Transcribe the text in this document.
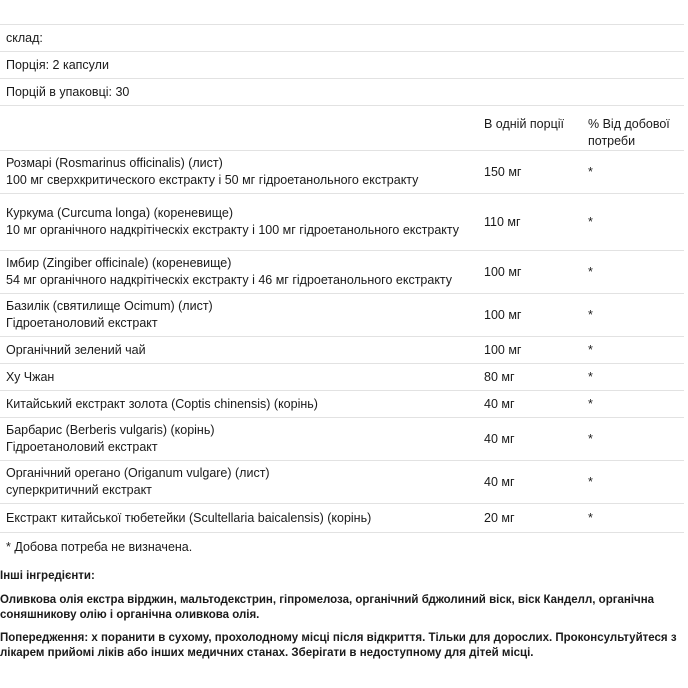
склад:
Порція: 2 капсули
Порцій в упаковці: 30
В одній порції	% Від добової потреби
Розмарі (Rosmarinus officinalis) (лист)
100 мг сверхкритического екстракту і 50 мг гідроетанольного екстракту
150 мг	*
Куркума (Curcuma longa) (кореневище)
10 мг органічного надкрітіческіх екстракту і 100 мг гідроетанольного екстракту
110 мг	*
Імбир (Zingiber officinale) (кореневище)
54 мг органічного надкрітіческіх екстракту і 46 мг гідроетанольного екстракту
100 мг	*
Базилік (святилище Ocimum) (лист)
Гідроетаноловий екстракт
100 мг	*
Органічний зелений чай	100 мг	*
Ху Чжан	80 мг	*
Китайський екстракт золота (Coptis chinensis) (корінь)	40 мг	*
Барбарис (Berberis vulgaris) (корінь)
Гідроетаноловий екстракт
40 мг	*
Органічний орегано (Origanum vulgare) (лист)
суперкритичний екстракт
40 мг	*
Екстракт китайської тюбетейки (Scultellaria baicalensis) (корінь)	20 мг	*
* Добова потреба не визначена.

Інші інгредієнти:

Оливкова олія екстра вірджин, мальтодекстрин, гіпромелоза, органічний бджолиний віск, віск Канделл, органічна соняшникову олію і органічна оливкова олія.

Попередження: х поранити в сухому, прохолодному місці після відкриття. Тільки для дорослих. Проконсультуйтеся з лікарем прийомі ліків або інших медичних станах. Зберігати в недоступному для дітей місці.
